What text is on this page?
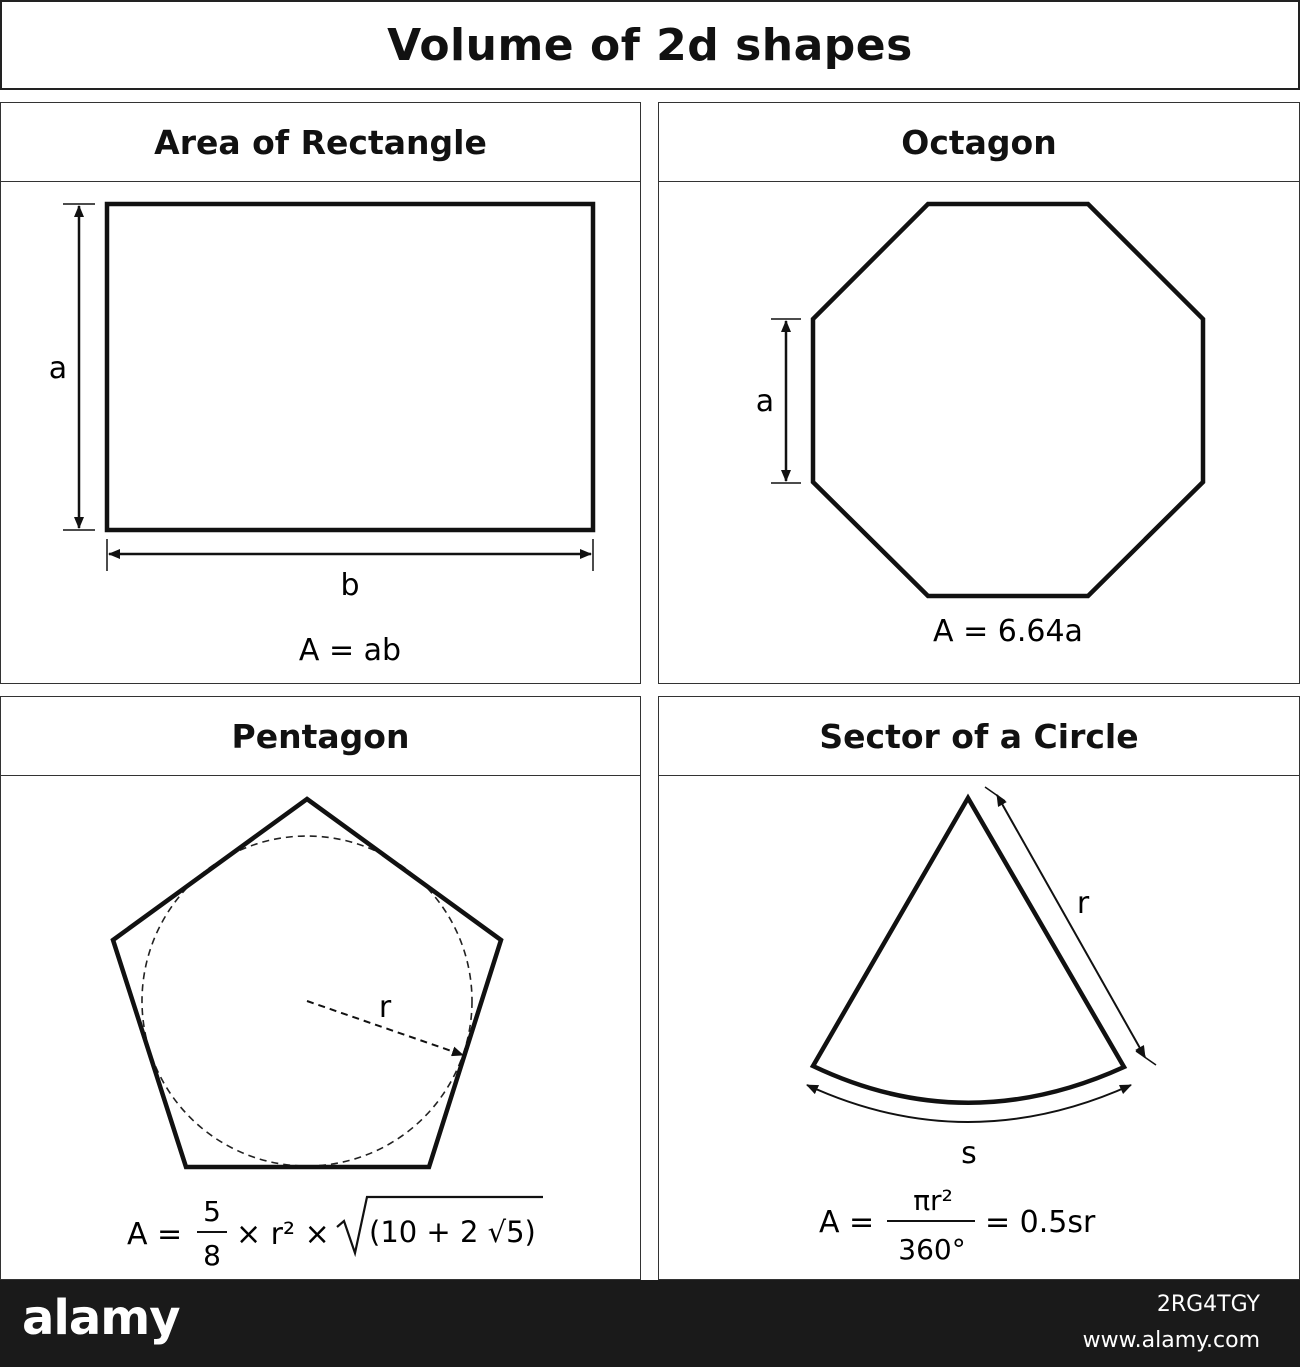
Volume of 2d shapes
Area of Rectangle
a
b
A = ab
Octagon
a
A = 6.64a
Pentagon
r
A =
5
8
× r² × (10 + 2 √5)
Sector of a Circle
r
s
A =
πr²
360°
= 0.5sr
alamy	2RG4TGY
www.alamy.com
